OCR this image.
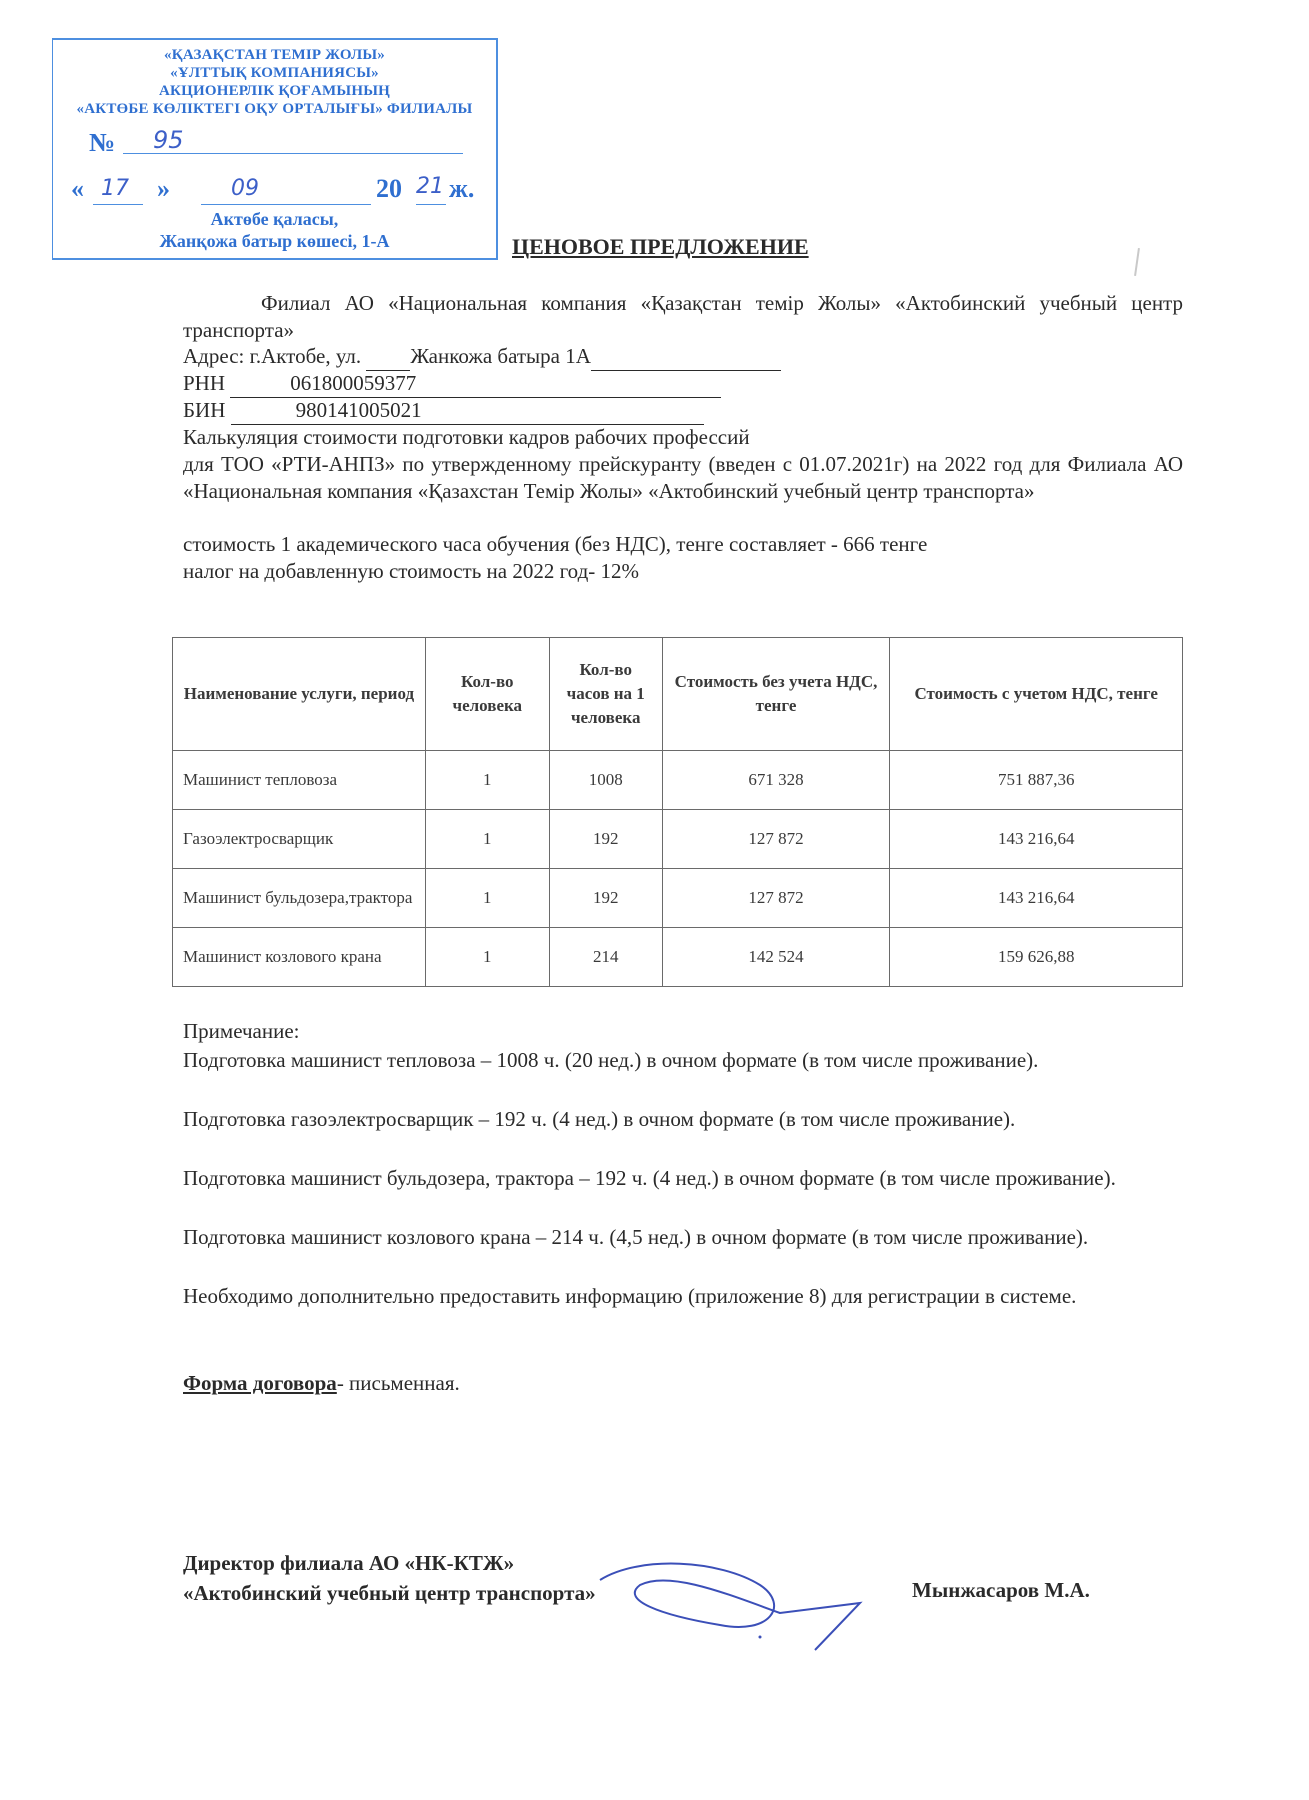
«ҚАЗАҚСТАН ТЕМІР ЖОЛЫ»
«ҰЛТТЫҚ КОМПАНИЯСЫ»
АКЦИОНЕРЛІК ҚОҒАМЫНЫҢ
«АКТӨБЕ КӨЛІКТЕГІ ОҚУ ОРТАЛЫҒЫ» ФИЛИАЛЫ
№ 95
« 17 »	09	20 21 ж.
Актөбе қаласы,
Жанқожа батыр көшесі, 1-А	ЦЕНОВОЕ ПРЕДЛОЖЕНИЕ
Филиал АО «Национальная компания «Қазақстан темір Жолы» «Актобинский учебный центр транспорта»
Адрес: г.Актобе, ул. Жанкожа батыра 1А
РНН	061800059377
БИН	980141005021
Калькуляция стоимости подготовки кадров рабочих профессий
для ТОО «РТИ-АНПЗ» по утвержденному прейскуранту (введен с 01.07.2021г) на 2022 год для Филиала АО «Национальная компания «Қазахстан Темір Жолы» «Актобинский учебный центр транспорта»
стоимость 1 академического часа обучения (без НДС), тенге составляет - 666 тенге
налог на добавленную стоимость на 2022 год- 12%
Наименование услуги, период	Кол-во человека	Кол-во часов на 1 человека	Стоимость без учета НДС, тенге	Стоимость с учетом НДС, тенге
Машинист тепловоза	1	1008	671 328	751 887,36
Газоэлектросварщик	1	192	127 872	143 216,64
Машинист бульдозера,трактора	1	192	127 872	143 216,64
Машинист козлового крана	1	214	142 524	159 626,88
Примечание:
Подготовка машинист тепловоза – 1008 ч. (20 нед.) в очном формате (в том числе проживание).
Подготовка газоэлектросварщик – 192 ч. (4 нед.) в очном формате (в том числе проживание).
Подготовка машинист бульдозера, трактора – 192 ч. (4 нед.) в очном формате (в том числе проживание).
Подготовка машинист козлового крана – 214 ч. (4,5 нед.) в очном формате (в том числе проживание).
Необходимо дополнительно предоставить информацию (приложение 8) для регистрации в системе.
Форма договора- письменная.
Директор филиала АО «НК-КТЖ»
«Актобинский учебный центр транспорта»	Мынжасаров М.А.
